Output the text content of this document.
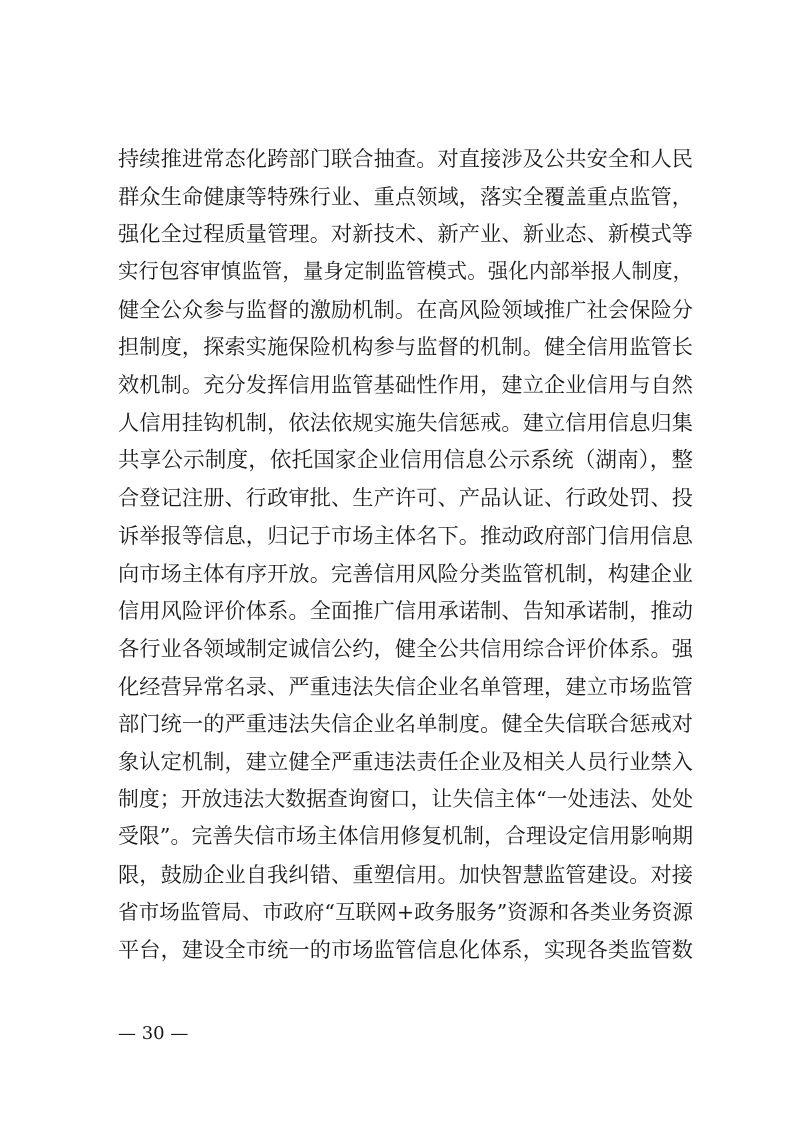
持续推进常态化跨部门联合抽查。对直接涉及公共安全和人民
群众生命健康等特殊行业、重点领域，落实全覆盖重点监管，
强化全过程质量管理。对新技术、新产业、新业态、新模式等
实行包容审慎监管，量身定制监管模式。强化内部举报人制度，
健全公众参与监督的激励机制。在高风险领域推广社会保险分
担制度，探索实施保险机构参与监督的机制。健全信用监管长
效机制。充分发挥信用监管基础性作用，建立企业信用与自然
人信用挂钩机制，依法依规实施失信惩戒。建立信用信息归集
共享公示制度，依托国家企业信用信息公示系统（湖南），整
合登记注册、行政审批、生产许可、产品认证、行政处罚、投
诉举报等信息，归记于市场主体名下。推动政府部门信用信息
向市场主体有序开放。完善信用风险分类监管机制，构建企业
信用风险评价体系。全面推广信用承诺制、告知承诺制，推动
各行业各领域制定诚信公约，健全公共信用综合评价体系。强
化经营异常名录、严重违法失信企业名单管理，建立市场监管
部门统一的严重违法失信企业名单制度。健全失信联合惩戒对
象认定机制，建立健全严重违法责任企业及相关人员行业禁入
制度；开放违法大数据查询窗口，让失信主体“一处违法、处处
受限”。完善失信市场主体信用修复机制，合理设定信用影响期
限，鼓励企业自我纠错、重塑信用。加快智慧监管建设。对接
省市场监管局、市政府“互联网+政务服务”资源和各类业务资源
平台，建设全市统一的市场监管信息化体系，实现各类监管数
— 30 —
